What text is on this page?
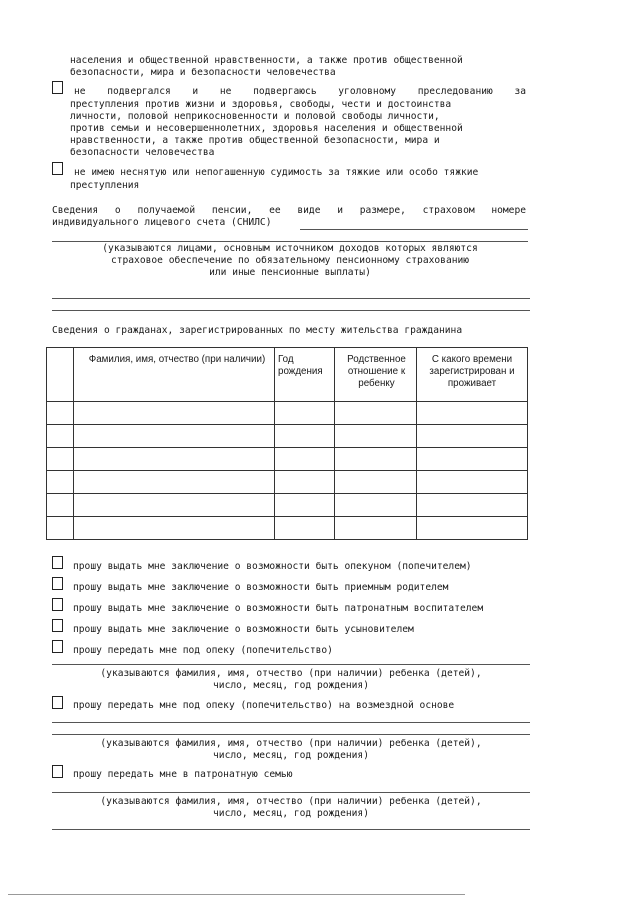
населения и общественной нравственности, а также против общественной
безопасности, мира и безопасности человечества
не подвергался и не подвергаюсь уголовному преследованию за
преступления против жизни и здоровья, свободы, чести и достоинства
личности, половой неприкосновенности и половой свободы личности,
против семьи и несовершеннолетних, здоровья населения и общественной
нравственности, а также против общественной безопасности, мира и
безопасности человечества
не имею неснятую или непогашенную судимость за тяжкие или особо тяжкие
преступления
Сведения о получаемой пенсии, ее виде и размере, страховом номере
индивидуального лицевого счета (СНИЛС)
(указываются лицами, основным источником доходов которых являются
страховое обеспечение по обязательному пенсионному страхованию
или иные пенсионные выплаты)
Сведения о гражданах, зарегистрированных по месту жительства гражданина
	Фамилия, имя, отчество (при наличии)	Год рождения	Родственное отношение к ребенку	С какого времени зарегистрирован и проживает

прошу выдать мне заключение о возможности быть опекуном (попечителем)
прошу выдать мне заключение о возможности быть приемным родителем
прошу выдать мне заключение о возможности быть патронатным воспитателем
прошу выдать мне заключение о возможности быть усыновителем
прошу передать мне под опеку (попечительство)
(указываются фамилия, имя, отчество (при наличии) ребенка (детей),
число, месяц, год рождения)
прошу передать мне под опеку (попечительство) на возмездной основе
(указываются фамилия, имя, отчество (при наличии) ребенка (детей),
число, месяц, год рождения)
прошу передать мне в патронатную семью
(указываются фамилия, имя, отчество (при наличии) ребенка (детей),
число, месяц, год рождения)
